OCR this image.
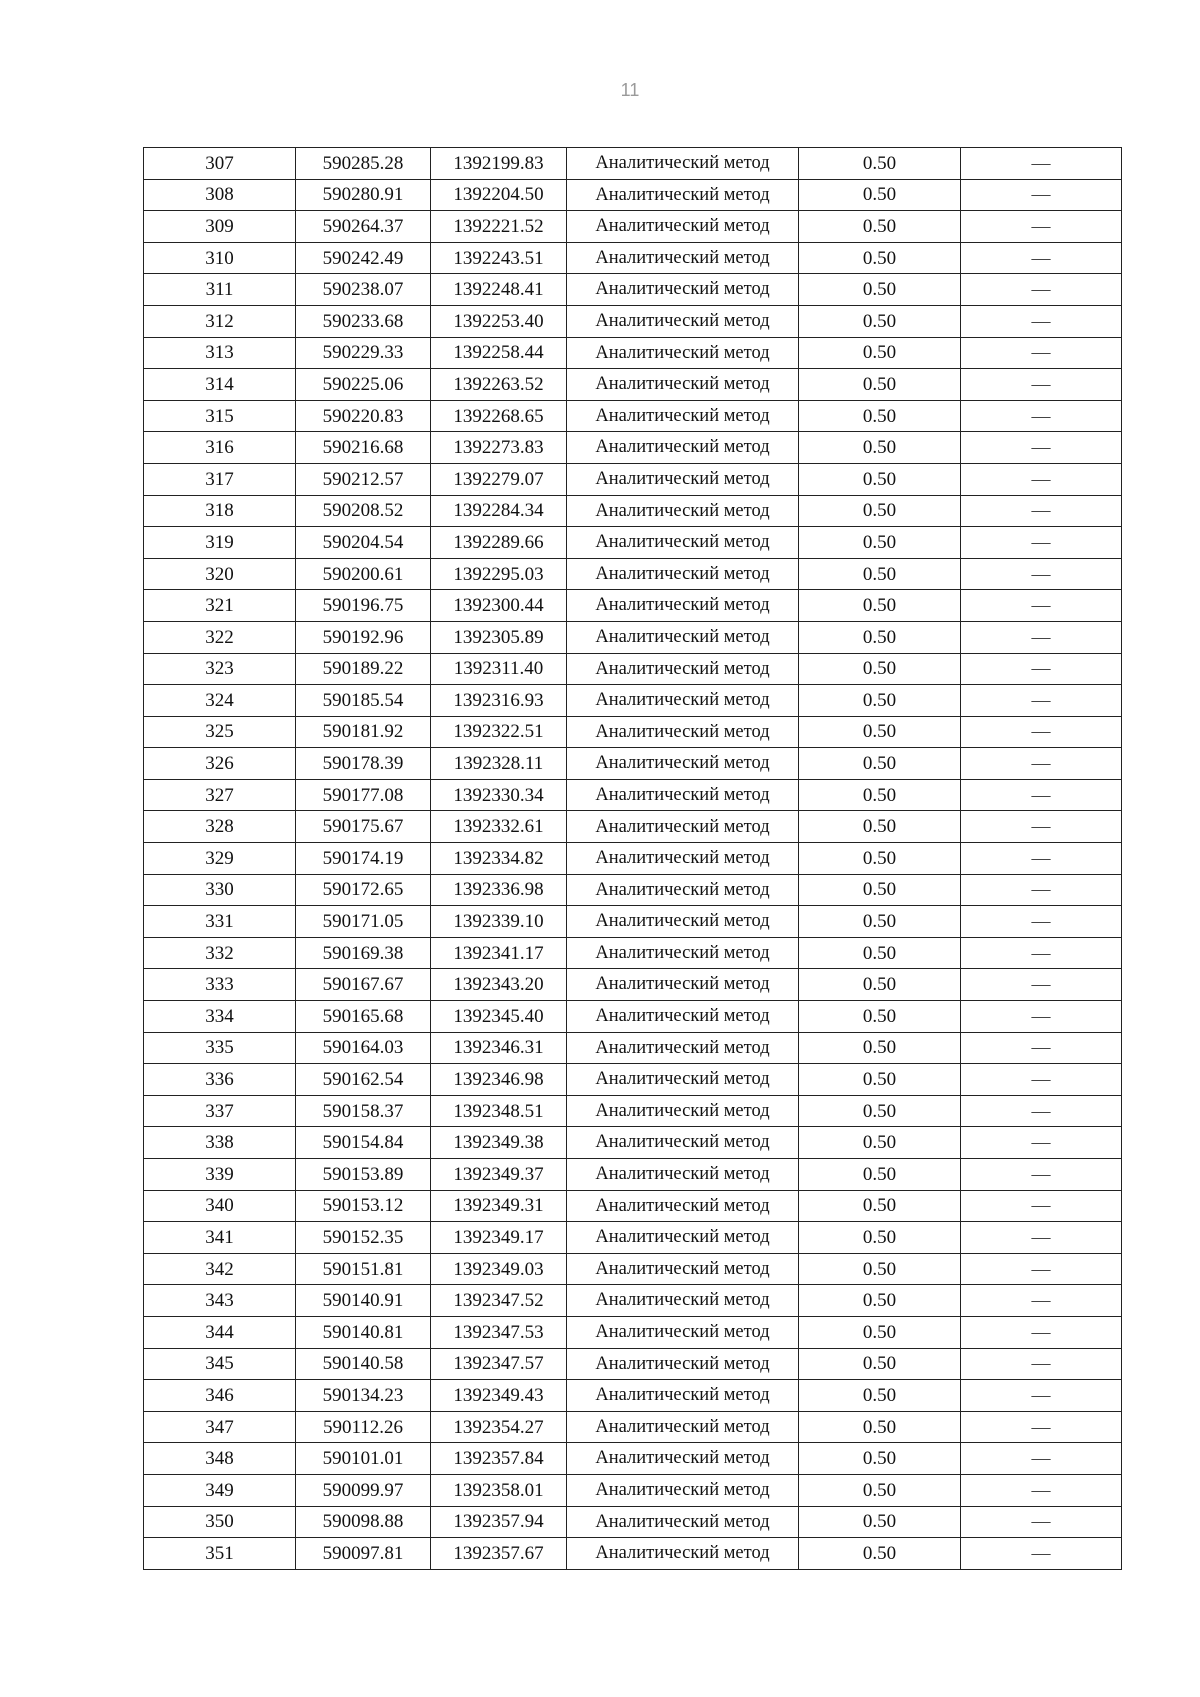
11
307	590285.28	1392199.83	Аналитический метод	0.50	—
308	590280.91	1392204.50	Аналитический метод	0.50	—
309	590264.37	1392221.52	Аналитический метод	0.50	—
310	590242.49	1392243.51	Аналитический метод	0.50	—
311	590238.07	1392248.41	Аналитический метод	0.50	—
312	590233.68	1392253.40	Аналитический метод	0.50	—
313	590229.33	1392258.44	Аналитический метод	0.50	—
314	590225.06	1392263.52	Аналитический метод	0.50	—
315	590220.83	1392268.65	Аналитический метод	0.50	—
316	590216.68	1392273.83	Аналитический метод	0.50	—
317	590212.57	1392279.07	Аналитический метод	0.50	—
318	590208.52	1392284.34	Аналитический метод	0.50	—
319	590204.54	1392289.66	Аналитический метод	0.50	—
320	590200.61	1392295.03	Аналитический метод	0.50	—
321	590196.75	1392300.44	Аналитический метод	0.50	—
322	590192.96	1392305.89	Аналитический метод	0.50	—
323	590189.22	1392311.40	Аналитический метод	0.50	—
324	590185.54	1392316.93	Аналитический метод	0.50	—
325	590181.92	1392322.51	Аналитический метод	0.50	—
326	590178.39	1392328.11	Аналитический метод	0.50	—
327	590177.08	1392330.34	Аналитический метод	0.50	—
328	590175.67	1392332.61	Аналитический метод	0.50	—
329	590174.19	1392334.82	Аналитический метод	0.50	—
330	590172.65	1392336.98	Аналитический метод	0.50	—
331	590171.05	1392339.10	Аналитический метод	0.50	—
332	590169.38	1392341.17	Аналитический метод	0.50	—
333	590167.67	1392343.20	Аналитический метод	0.50	—
334	590165.68	1392345.40	Аналитический метод	0.50	—
335	590164.03	1392346.31	Аналитический метод	0.50	—
336	590162.54	1392346.98	Аналитический метод	0.50	—
337	590158.37	1392348.51	Аналитический метод	0.50	—
338	590154.84	1392349.38	Аналитический метод	0.50	—
339	590153.89	1392349.37	Аналитический метод	0.50	—
340	590153.12	1392349.31	Аналитический метод	0.50	—
341	590152.35	1392349.17	Аналитический метод	0.50	—
342	590151.81	1392349.03	Аналитический метод	0.50	—
343	590140.91	1392347.52	Аналитический метод	0.50	—
344	590140.81	1392347.53	Аналитический метод	0.50	—
345	590140.58	1392347.57	Аналитический метод	0.50	—
346	590134.23	1392349.43	Аналитический метод	0.50	—
347	590112.26	1392354.27	Аналитический метод	0.50	—
348	590101.01	1392357.84	Аналитический метод	0.50	—
349	590099.97	1392358.01	Аналитический метод	0.50	—
350	590098.88	1392357.94	Аналитический метод	0.50	—
351	590097.81	1392357.67	Аналитический метод	0.50	—
